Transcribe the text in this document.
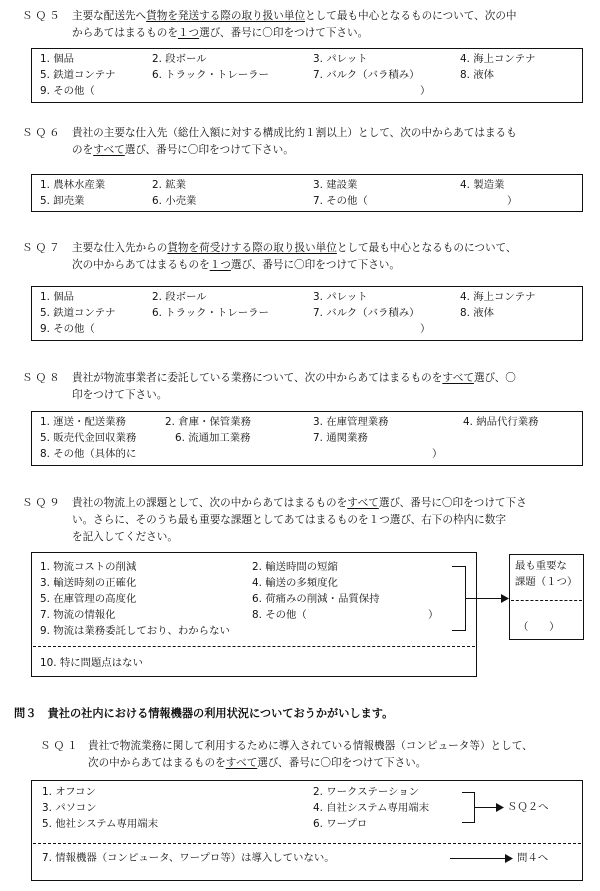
ＳＱ５ 主要な配送先へ貨物を発送する際の取り扱い単位として最も中心となるものについて、次の中
からあてはまるものを１つ選び、番号に〇印をつけて下さい。
1. 個品	2. 段ボール	3. パレット	4. 海上コンテナ
5. 鉄道コンテナ	6. トラック・トレーラー	7. バルク（バラ積み）	8. 液体
9. その他（	）
ＳＱ６ 貴社の主要な仕入先（総仕入額に対する構成比約１割以上）として、次の中からあてはまるも
のをすべて選び、番号に〇印をつけて下さい。
1. 農林水産業	2. 鉱業	3. 建設業	4. 製造業
5. 卸売業	6. 小売業	7. その他（	）
ＳＱ７ 主要な仕入先からの貨物を荷受けする際の取り扱い単位として最も中心となるものについて、
次の中からあてはまるものを１つ選び、番号に〇印をつけて下さい。
1. 個品	2. 段ボール	3. パレット	4. 海上コンテナ
5. 鉄道コンテナ	6. トラック・トレーラー	7. バルク（バラ積み）	8. 液体
9. その他（	）
ＳＱ８ 貴社が物流事業者に委託している業務について、次の中からあてはまるものをすべて選び、〇
印をつけて下さい。
1. 運送・配送業務	2. 倉庫・保管業務	3. 在庫管理業務	4. 納品代行業務
5. 販売代金回収業務	6. 流通加工業務	7. 通関業務
8. その他（具体的に	）
ＳＱ９ 貴社の物流上の課題として、次の中からあてはまるものをすべて選び、番号に〇印をつけて下さ
い。さらに、そのうち最も重要な課題としてあてはまるものを１つ選び、右下の枠内に数字
を記入してください。
1. 物流コストの削減	2. 輸送時間の短縮
3. 輸送時刻の正確化	4. 輸送の多頻度化
5. 在庫管理の高度化	6. 荷痛みの削減・品質保持
7. 物流の情報化	8. その他（	）
9. 物流は業務委託しており、わからない
10. 特に問題点はない
最も重要な
課題（１つ）
（　　）
問３　貴社の社内における情報機器の利用状況についておうかがいします。
ＳＱ１ 貴社で物流業務に関して利用するために導入されている情報機器（コンピュータ等）として、
次の中からあてはまるものをすべて選び、番号に〇印をつけて下さい。
1. オフコン	2. ワークステーション
3. パソコン	4. 自社システム専用端末
5. 他社システム専用端末	6. ワープロ
ＳＱ２へ
7. 情報機器（コンピュータ、ワープロ等）は導入していない。	問４へ
